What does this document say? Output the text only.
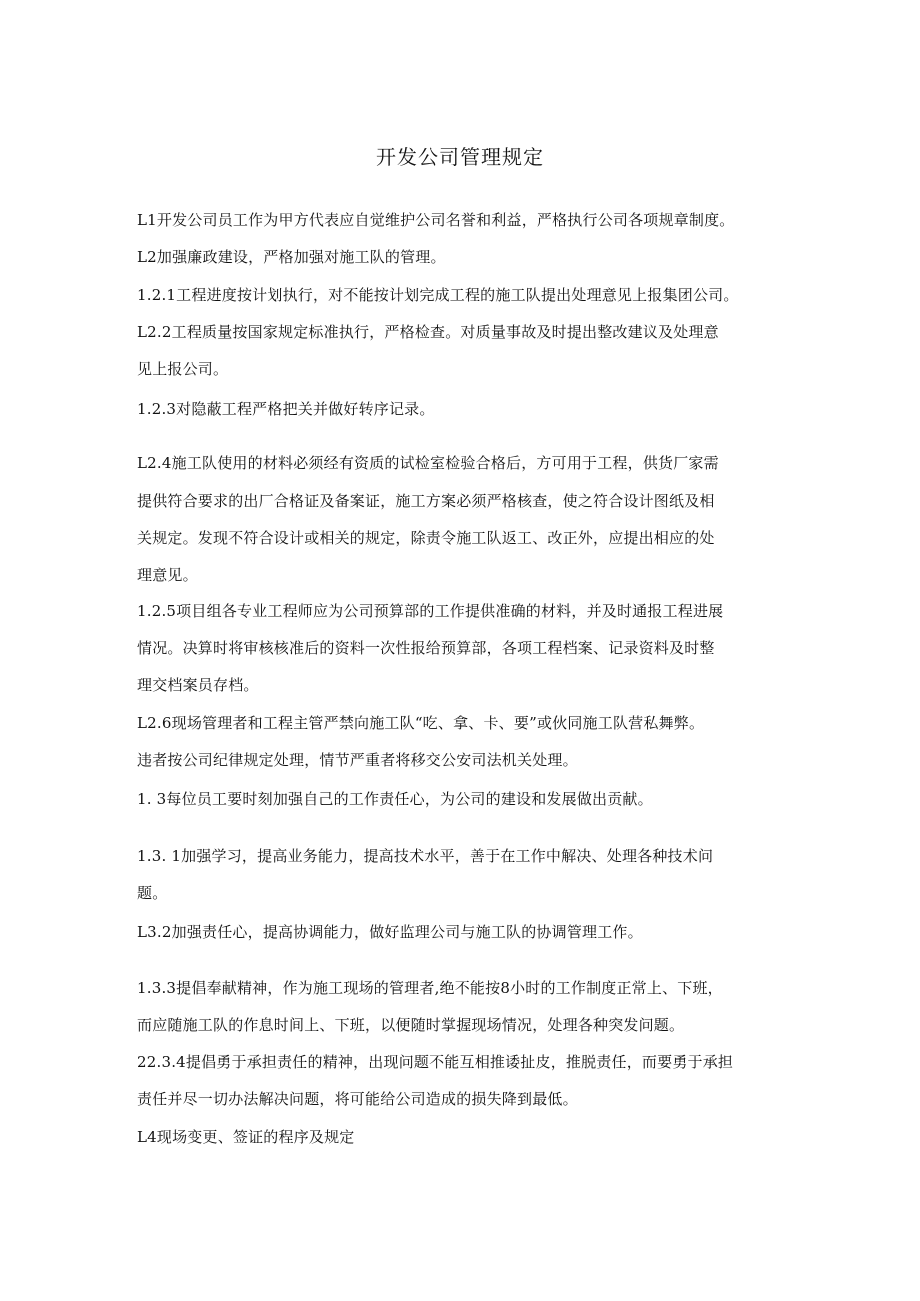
开发公司管理规定
L1开发公司员工作为甲方代表应自觉维护公司名誉和利益，严格执行公司各项规章制度。
L2加强廉政建设，严格加强对施工队的管理。
1.2.1工程进度按计划执行，对不能按计划完成工程的施工队提出处理意见上报集团公司。
L2.2工程质量按国家规定标准执行，严格检查。对质量事故及时提出整改建议及处理意
见上报公司。
1.2.3对隐蔽工程严格把关并做好转序记录。
L2.4施工队使用的材料必须经有资质的试检室检验合格后，方可用于工程，供货厂家需
提供符合要求的出厂合格证及备案证，施工方案必须严格核查，使之符合设计图纸及相
关规定。发现不符合设计或相关的规定，除责令施工队返工、改正外，应提出相应的处
理意见。
1.2.5项目组各专业工程师应为公司预算部的工作提供准确的材料，并及时通报工程进展
情况。决算时将审核核准后的资料一次性报给预算部，各项工程档案、记录资料及时整
理交档案员存档。
L2.6现场管理者和工程主管严禁向施工队“吃、拿、卡、要”或伙同施工队营私舞弊。
违者按公司纪律规定处理，情节严重者将移交公安司法机关处理。
1. 3每位员工要时刻加强自己的工作责任心，为公司的建设和发展做出贡献。
1.3. 1加强学习，提高业务能力，提高技术水平，善于在工作中解决、处理各种技术问
题。
L3.2加强责任心，提高协调能力，做好监理公司与施工队的协调管理工作。
1.3.3提倡奉献精神，作为施工现场的管理者,绝不能按8小时的工作制度正常上、下班，
而应随施工队的作息时间上、下班，以便随时掌握现场情况，处理各种突发问题。
22.3.4提倡勇于承担责任的精神，出现问题不能互相推诿扯皮，推脱责任，而要勇于承担
责任并尽一切办法解决问题，将可能给公司造成的损失降到最低。
L4现场变更、签证的程序及规定
